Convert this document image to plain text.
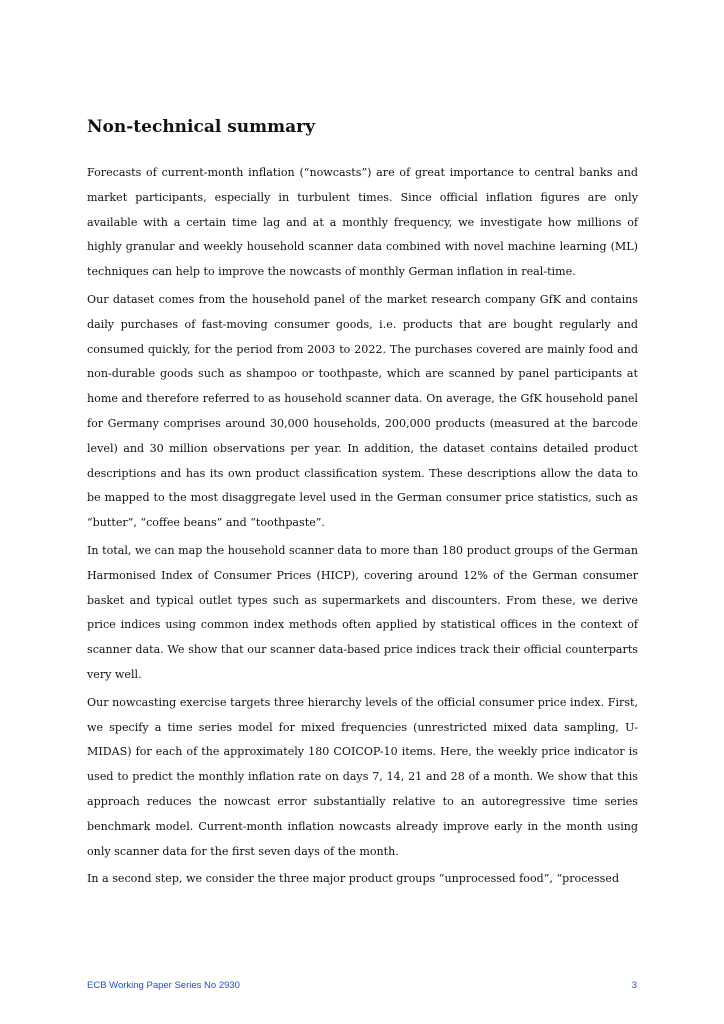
Non-technical summary

Forecasts of current-month inflation (“nowcasts”) are of great importance to central banks and market participants, especially in turbulent times. Since official inflation figures are only available with a certain time lag and at a monthly frequency, we investigate how millions of highly granular and weekly household scanner data combined with novel machine learning (ML) techniques can help to improve the nowcasts of monthly German inflation in real-time.

Our dataset comes from the household panel of the market research company GfK and contains daily purchases of fast-moving consumer goods, i.e. products that are bought regularly and consumed quickly, for the period from 2003 to 2022. The purchases covered are mainly food and non-durable goods such as shampoo or toothpaste, which are scanned by panel participants at home and therefore referred to as household scanner data. On average, the GfK household panel for Germany comprises around 30,000 households, 200,000 products (measured at the barcode level) and 30 million observations per year. In addition, the dataset contains detailed product descriptions and has its own product classification system. These descriptions allow the data to be mapped to the most disaggregate level used in the German consumer price statistics, such as “butter”, “coffee beans” and “toothpaste”.

In total, we can map the household scanner data to more than 180 product groups of the German Harmonised Index of Consumer Prices (HICP), covering around 12% of the German consumer basket and typical outlet types such as supermarkets and discounters. From these, we derive price indices using common index methods often applied by statistical offices in the context of scanner data. We show that our scanner data-based price indices track their official counterparts very well.

Our nowcasting exercise targets three hierarchy levels of the official consumer price index. First, we specify a time series model for mixed frequencies (unrestricted mixed data sampling, U-MIDAS) for each of the approximately 180 COICOP-10 items. Here, the weekly price indicator is used to predict the monthly inflation rate on days 7, 14, 21 and 28 of a month. We show that this approach reduces the nowcast error substantially relative to an autoregressive time series benchmark model. Current-month inflation nowcasts already improve early in the month using only scanner data for the first seven days of the month.

In a second step, we consider the three major product groups “unprocessed food”, “processed

ECB Working Paper Series No 2930	3
